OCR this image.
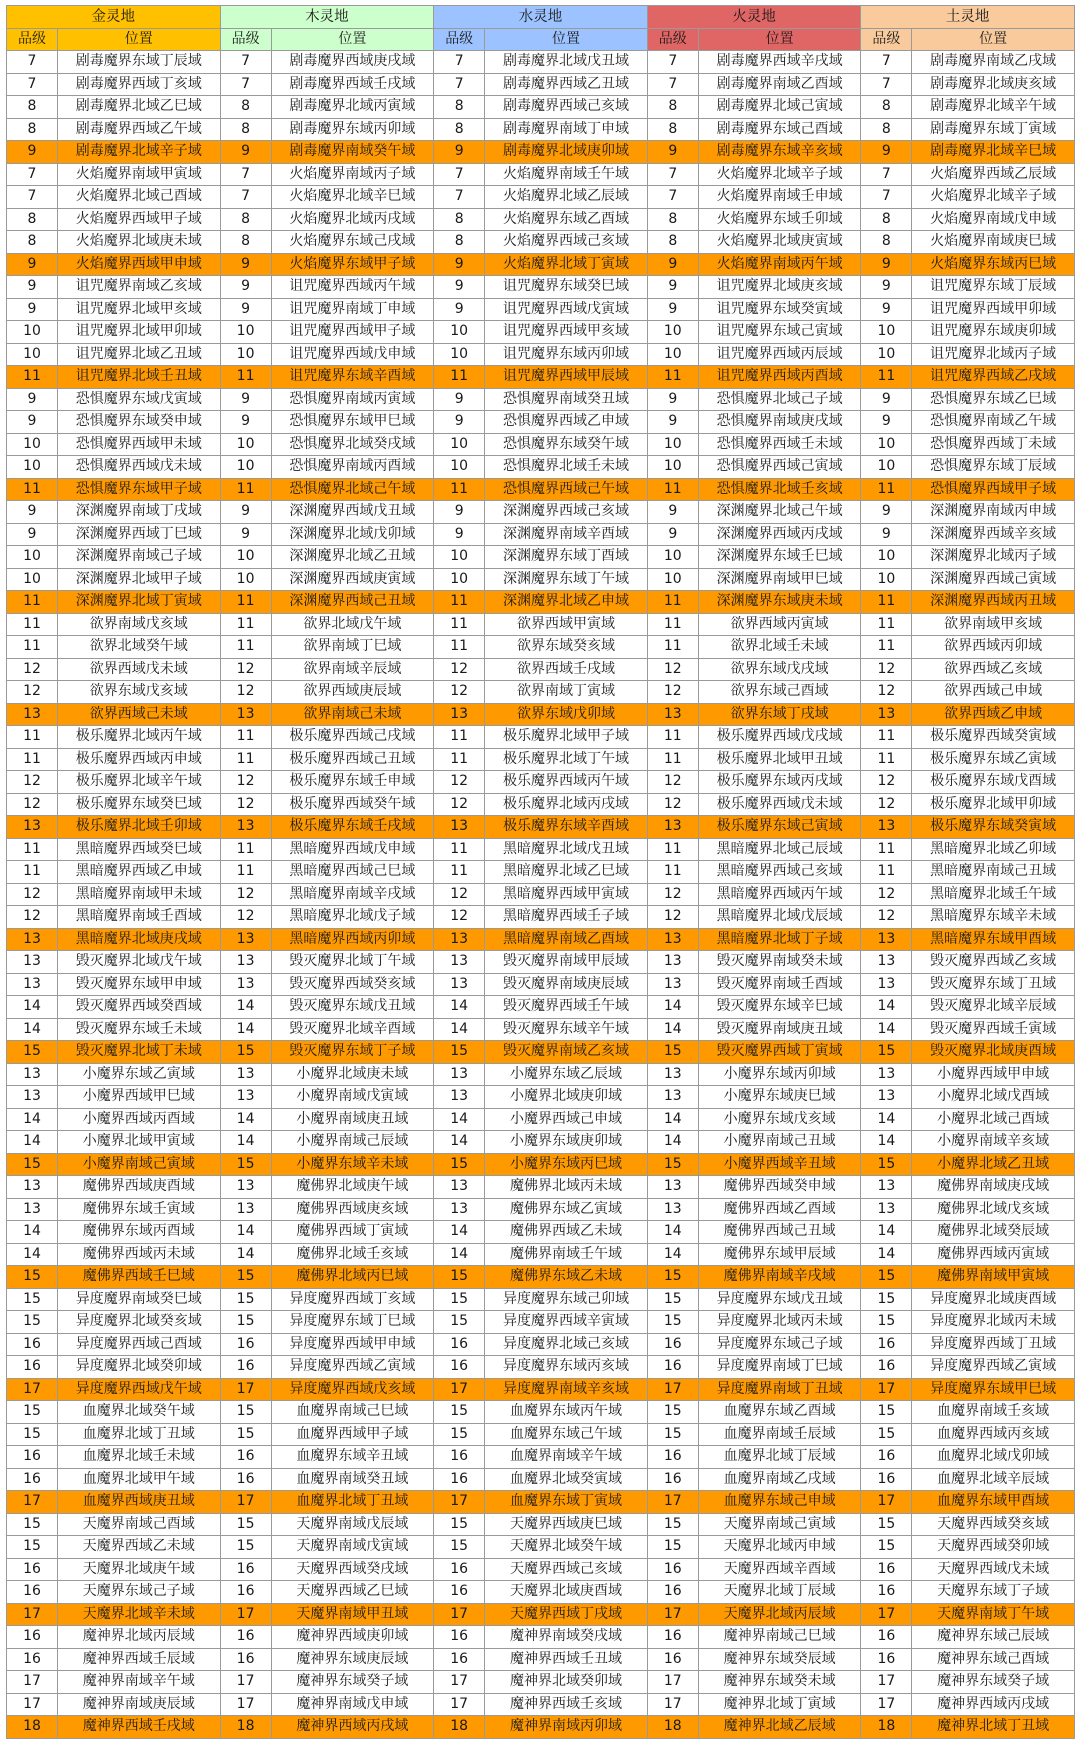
金灵地		木灵地		水灵地		火灵地		土灵地	
品级	位置	品级	位置	品级	位置	品级	位置	品级	位置
7	剧毒魔界东域丁辰域	7	剧毒魔界西域庚戌域	7	剧毒魔界北域戊丑域	7	剧毒魔界西域辛戌域	7	剧毒魔界南域乙戌域
7	剧毒魔界西域丁亥域	7	剧毒魔界西域壬戌域	7	剧毒魔界西域乙丑域	7	剧毒魔界南域乙酉域	7	剧毒魔界北域庚亥域
8	剧毒魔界北域乙巳域	8	剧毒魔界北域丙寅域	8	剧毒魔界西域己亥域	8	剧毒魔界北域己寅域	8	剧毒魔界北域辛午域
8	剧毒魔界西域乙午域	8	剧毒魔界东域丙卯域	8	剧毒魔界南域丁申域	8	剧毒魔界东域己酉域	8	剧毒魔界东域丁寅域
9	剧毒魔界北域辛子域	9	剧毒魔界南域癸午域	9	剧毒魔界北域庚卯域	9	剧毒魔界东域辛亥域	9	剧毒魔界北域辛巳域
7	火焰魔界南域甲寅域	7	火焰魔界南域丙子域	7	火焰魔界南域壬午域	7	火焰魔界北域辛子域	7	火焰魔界西域乙辰域
7	火焰魔界北域己酉域	7	火焰魔界北域辛巳域	7	火焰魔界北域乙辰域	7	火焰魔界南域壬申域	7	火焰魔界北域辛子域
8	火焰魔界西域甲子域	8	火焰魔界北域丙戌域	8	火焰魔界东域乙酉域	8	火焰魔界东域壬卯域	8	火焰魔界南域戊申域
8	火焰魔界北域庚未域	8	火焰魔界东域己戌域	8	火焰魔界西域己亥域	8	火焰魔界北域庚寅域	8	火焰魔界南域庚巳域
9	火焰魔界西域甲申域	9	火焰魔界东域甲子域	9	火焰魔界北域丁寅域	9	火焰魔界南域丙午域	9	火焰魔界东域丙巳域
9	诅咒魔界南域乙亥域	9	诅咒魔界西域丙午域	9	诅咒魔界东域癸巳域	9	诅咒魔界北域庚亥域	9	诅咒魔界东域丁辰域
9	诅咒魔界北域甲亥域	9	诅咒魔界南域丁申域	9	诅咒魔界西域戊寅域	9	诅咒魔界东域癸寅域	9	诅咒魔界西域甲卯域
10	诅咒魔界北域甲卯域	10	诅咒魔界西域甲子域	10	诅咒魔界西域甲亥域	10	诅咒魔界东域己寅域	10	诅咒魔界东域庚卯域
10	诅咒魔界北域乙丑域	10	诅咒魔界西域戊申域	10	诅咒魔界东域丙卯域	10	诅咒魔界西域丙辰域	10	诅咒魔界北域丙子域
11	诅咒魔界北域壬丑域	11	诅咒魔界东域辛酉域	11	诅咒魔界西域甲辰域	11	诅咒魔界西域丙酉域	11	诅咒魔界西域乙戌域
9	恐惧魔界东域戊寅域	9	恐惧魔界南域丙寅域	9	恐惧魔界南域癸丑域	9	恐惧魔界北域己子域	9	恐惧魔界东域乙巳域
9	恐惧魔界东域癸申域	9	恐惧魔界东域甲巳域	9	恐惧魔界西域乙申域	9	恐惧魔界南域庚戌域	9	恐惧魔界南域乙午域
10	恐惧魔界西域甲未域	10	恐惧魔界北域癸戌域	10	恐惧魔界东域癸午域	10	恐惧魔界西域壬未域	10	恐惧魔界西域丁未域
10	恐惧魔界西域戊未域	10	恐惧魔界南域丙酉域	10	恐惧魔界北域壬未域	10	恐惧魔界西域己寅域	10	恐惧魔界东域丁辰域
11	恐惧魔界东域甲子域	11	恐惧魔界北域己午域	11	恐惧魔界西域己午域	11	恐惧魔界北域壬亥域	11	恐惧魔界西域甲子域
9	深渊魔界南域丁戌域	9	深渊魔界西域戊丑域	9	深渊魔界西域己亥域	9	深渊魔界北域己午域	9	深渊魔界南域丙申域
9	深渊魔界西域丁巳域	9	深渊魔界北域戊卯域	9	深渊魔界南域辛酉域	9	深渊魔界西域丙戌域	9	深渊魔界西域辛亥域
10	深渊魔界南域己子域	10	深渊魔界北域乙丑域	10	深渊魔界东域丁酉域	10	深渊魔界东域壬巳域	10	深渊魔界北域丙子域
10	深渊魔界北域甲子域	10	深渊魔界西域庚寅域	10	深渊魔界东域丁午域	10	深渊魔界南域甲巳域	10	深渊魔界西域己寅域
11	深渊魔界北域丁寅域	11	深渊魔界西域己丑域	11	深渊魔界北域乙申域	11	深渊魔界东域庚未域	11	深渊魔界西域丙丑域
11	欲界南域戊亥域	11	欲界北域戊午域	11	欲界西域甲寅域	11	欲界西域丙寅域	11	欲界南域甲亥域
11	欲界北域癸午域	11	欲界南域丁巳域	11	欲界东域癸亥域	11	欲界北域壬未域	11	欲界西域丙卯域
12	欲界西域戊未域	12	欲界南域辛辰域	12	欲界西域壬戌域	12	欲界东域戊戌域	12	欲界西域乙亥域
12	欲界东域戊亥域	12	欲界西域庚辰域	12	欲界南域丁寅域	12	欲界东域己酉域	12	欲界西域己申域
13	欲界西域己未域	13	欲界南域己未域	13	欲界东域戊卯域	13	欲界东域丁戌域	13	欲界西域乙申域
11	极乐魔界北域丙午域	11	极乐魔界西域己戌域	11	极乐魔界北域甲子域	11	极乐魔界西域戊戌域	11	极乐魔界西域癸寅域
11	极乐魔界西域丙申域	11	极乐魔界西域己丑域	11	极乐魔界北域丁午域	11	极乐魔界北域甲丑域	11	极乐魔界东域乙寅域
12	极乐魔界北域辛午域	12	极乐魔界东域壬申域	12	极乐魔界西域丙午域	12	极乐魔界东域丙戌域	12	极乐魔界东域戊酉域
12	极乐魔界东域癸巳域	12	极乐魔界西域癸午域	12	极乐魔界北域丙戌域	12	极乐魔界西域戊未域	12	极乐魔界北域甲卯域
13	极乐魔界北域壬卯域	13	极乐魔界东域壬戌域	13	极乐魔界东域辛酉域	13	极乐魔界东域己寅域	13	极乐魔界东域癸寅域
11	黑暗魔界西域癸巳域	11	黑暗魔界西域戊申域	11	黑暗魔界北域戊丑域	11	黑暗魔界北域己辰域	11	黑暗魔界北域乙卯域
11	黑暗魔界西域乙申域	11	黑暗魔界西域己巳域	11	黑暗魔界北域乙巳域	11	黑暗魔界西域己亥域	11	黑暗魔界南域己丑域
12	黑暗魔界南域甲未域	12	黑暗魔界南域辛戌域	12	黑暗魔界西域甲寅域	12	黑暗魔界西域丙午域	12	黑暗魔界北域壬午域
12	黑暗魔界南域壬酉域	12	黑暗魔界北域戊子域	12	黑暗魔界西域壬子域	12	黑暗魔界北域戊辰域	12	黑暗魔界东域辛未域
13	黑暗魔界北域庚戌域	13	黑暗魔界西域丙卯域	13	黑暗魔界南域乙酉域	13	黑暗魔界北域丁子域	13	黑暗魔界东域甲酉域
13	毁灭魔界北域戊午域	13	毁灭魔界北域丁午域	13	毁灭魔界南域甲辰域	13	毁灭魔界南域癸未域	13	毁灭魔界西域乙亥域
13	毁灭魔界东域甲申域	13	毁灭魔界西域癸亥域	13	毁灭魔界南域庚辰域	13	毁灭魔界南域壬酉域	13	毁灭魔界东域丁丑域
14	毁灭魔界西域癸酉域	14	毁灭魔界东域戊丑域	14	毁灭魔界西域壬午域	14	毁灭魔界东域辛巳域	14	毁灭魔界北域辛辰域
14	毁灭魔界东域壬未域	14	毁灭魔界北域辛酉域	14	毁灭魔界东域辛午域	14	毁灭魔界南域庚丑域	14	毁灭魔界西域壬寅域
15	毁灭魔界北域丁未域	15	毁灭魔界东域丁子域	15	毁灭魔界南域乙亥域	15	毁灭魔界西域丁寅域	15	毁灭魔界北域庚酉域
13	小魔界东域乙寅域	13	小魔界北域庚未域	13	小魔界东域乙辰域	13	小魔界东域丙卯域	13	小魔界西域甲申域
13	小魔界西域甲巳域	13	小魔界南域戊寅域	13	小魔界北域庚卯域	13	小魔界东域庚巳域	13	小魔界北域戊酉域
14	小魔界西域丙酉域	14	小魔界南域庚丑域	14	小魔界西域己申域	14	小魔界东域戊亥域	14	小魔界北域己酉域
14	小魔界北域甲寅域	14	小魔界南域己辰域	14	小魔界东域庚卯域	14	小魔界南域己丑域	14	小魔界南域辛亥域
15	小魔界南域己寅域	15	小魔界东域辛未域	15	小魔界东域丙巳域	15	小魔界西域辛丑域	15	小魔界北域乙丑域
13	魔佛界西域庚酉域	13	魔佛界北域庚午域	13	魔佛界北域丙未域	13	魔佛界西域癸申域	13	魔佛界南域庚戌域
13	魔佛界东域壬寅域	13	魔佛界西域庚亥域	13	魔佛界东域乙寅域	13	魔佛界西域乙酉域	13	魔佛界北域戊亥域
14	魔佛界东域丙酉域	14	魔佛界西域丁寅域	14	魔佛界西域乙未域	14	魔佛界西域己丑域	14	魔佛界北域癸辰域
14	魔佛界西域丙未域	14	魔佛界北域壬亥域	14	魔佛界南域壬午域	14	魔佛界东域甲辰域	14	魔佛界西域丙寅域
15	魔佛界西域壬巳域	15	魔佛界北域丙巳域	15	魔佛界东域乙未域	15	魔佛界南域辛戌域	15	魔佛界南域甲寅域
15	异度魔界南域癸巳域	15	异度魔界西域丁亥域	15	异度魔界东域己卯域	15	异度魔界东域戊丑域	15	异度魔界北域庚酉域
15	异度魔界北域癸亥域	15	异度魔界东域丁巳域	15	异度魔界西域辛寅域	15	异度魔界北域丙未域	15	异度魔界北域丙未域
16	异度魔界西域己酉域	16	异度魔界西域甲申域	16	异度魔界北域己亥域	16	异度魔界东域己子域	16	异度魔界西域丁丑域
16	异度魔界北域癸卯域	16	异度魔界西域乙寅域	16	异度魔界东域丙亥域	16	异度魔界南域丁巳域	16	异度魔界西域乙寅域
17	异度魔界西域戊午域	17	异度魔界西域戊亥域	17	异度魔界南域辛亥域	17	异度魔界南域丁丑域	17	异度魔界东域甲巳域
15	血魔界北域癸午域	15	血魔界南域己巳域	15	血魔界东域丙午域	15	血魔界东域乙酉域	15	血魔界南域壬亥域
15	血魔界北域丁丑域	15	血魔界西域甲子域	15	血魔界东域己午域	15	血魔界南域壬辰域	15	血魔界西域丙亥域
16	血魔界北域壬未域	16	血魔界东域辛丑域	16	血魔界南域辛午域	16	血魔界北域丁辰域	16	血魔界北域戊卯域
16	血魔界北域甲午域	16	血魔界南域癸丑域	16	血魔界北域癸寅域	16	血魔界南域乙戌域	16	血魔界北域辛辰域
17	血魔界西域庚丑域	17	血魔界北域丁丑域	17	血魔界东域丁寅域	17	血魔界东域己申域	17	血魔界东域甲酉域
15	天魔界南域己酉域	15	天魔界南域戊辰域	15	天魔界西域庚巳域	15	天魔界南域己寅域	15	天魔界西域癸亥域
15	天魔界西域乙未域	15	天魔界南域戊寅域	15	天魔界北域癸午域	15	天魔界北域丙申域	15	天魔界西域癸卯域
16	天魔界北域庚午域	16	天魔界西域癸戌域	16	天魔界西域己亥域	16	天魔界西域辛酉域	16	天魔界西域戊未域
16	天魔界东域己子域	16	天魔界西域乙巳域	16	天魔界北域庚酉域	16	天魔界北域丁辰域	16	天魔界东域丁子域
17	天魔界北域辛未域	17	天魔界南域甲丑域	17	天魔界西域丁戌域	17	天魔界北域丙辰域	17	天魔界南域丁午域
16	魔神界北域丙辰域	16	魔神界西域庚卯域	16	魔神界南域癸戌域	16	魔神界南域己巳域	16	魔神界东域己辰域
16	魔神界西域壬辰域	16	魔神界东域庚辰域	16	魔神界西域壬丑域	16	魔神界东域癸辰域	16	魔神界东域己酉域
17	魔神界南域辛午域	17	魔神界东域癸子域	17	魔神界北域癸卯域	17	魔神界东域癸未域	17	魔神界东域癸子域
17	魔神界南域庚辰域	17	魔神界南域戊申域	17	魔神界西域壬亥域	17	魔神界北域丁寅域	17	魔神界西域丙戌域
18	魔神界西域壬戌域	18	魔神界西域丙戌域	18	魔神界南域丙卯域	18	魔神界北域乙辰域	18	魔神界北域丁丑域
